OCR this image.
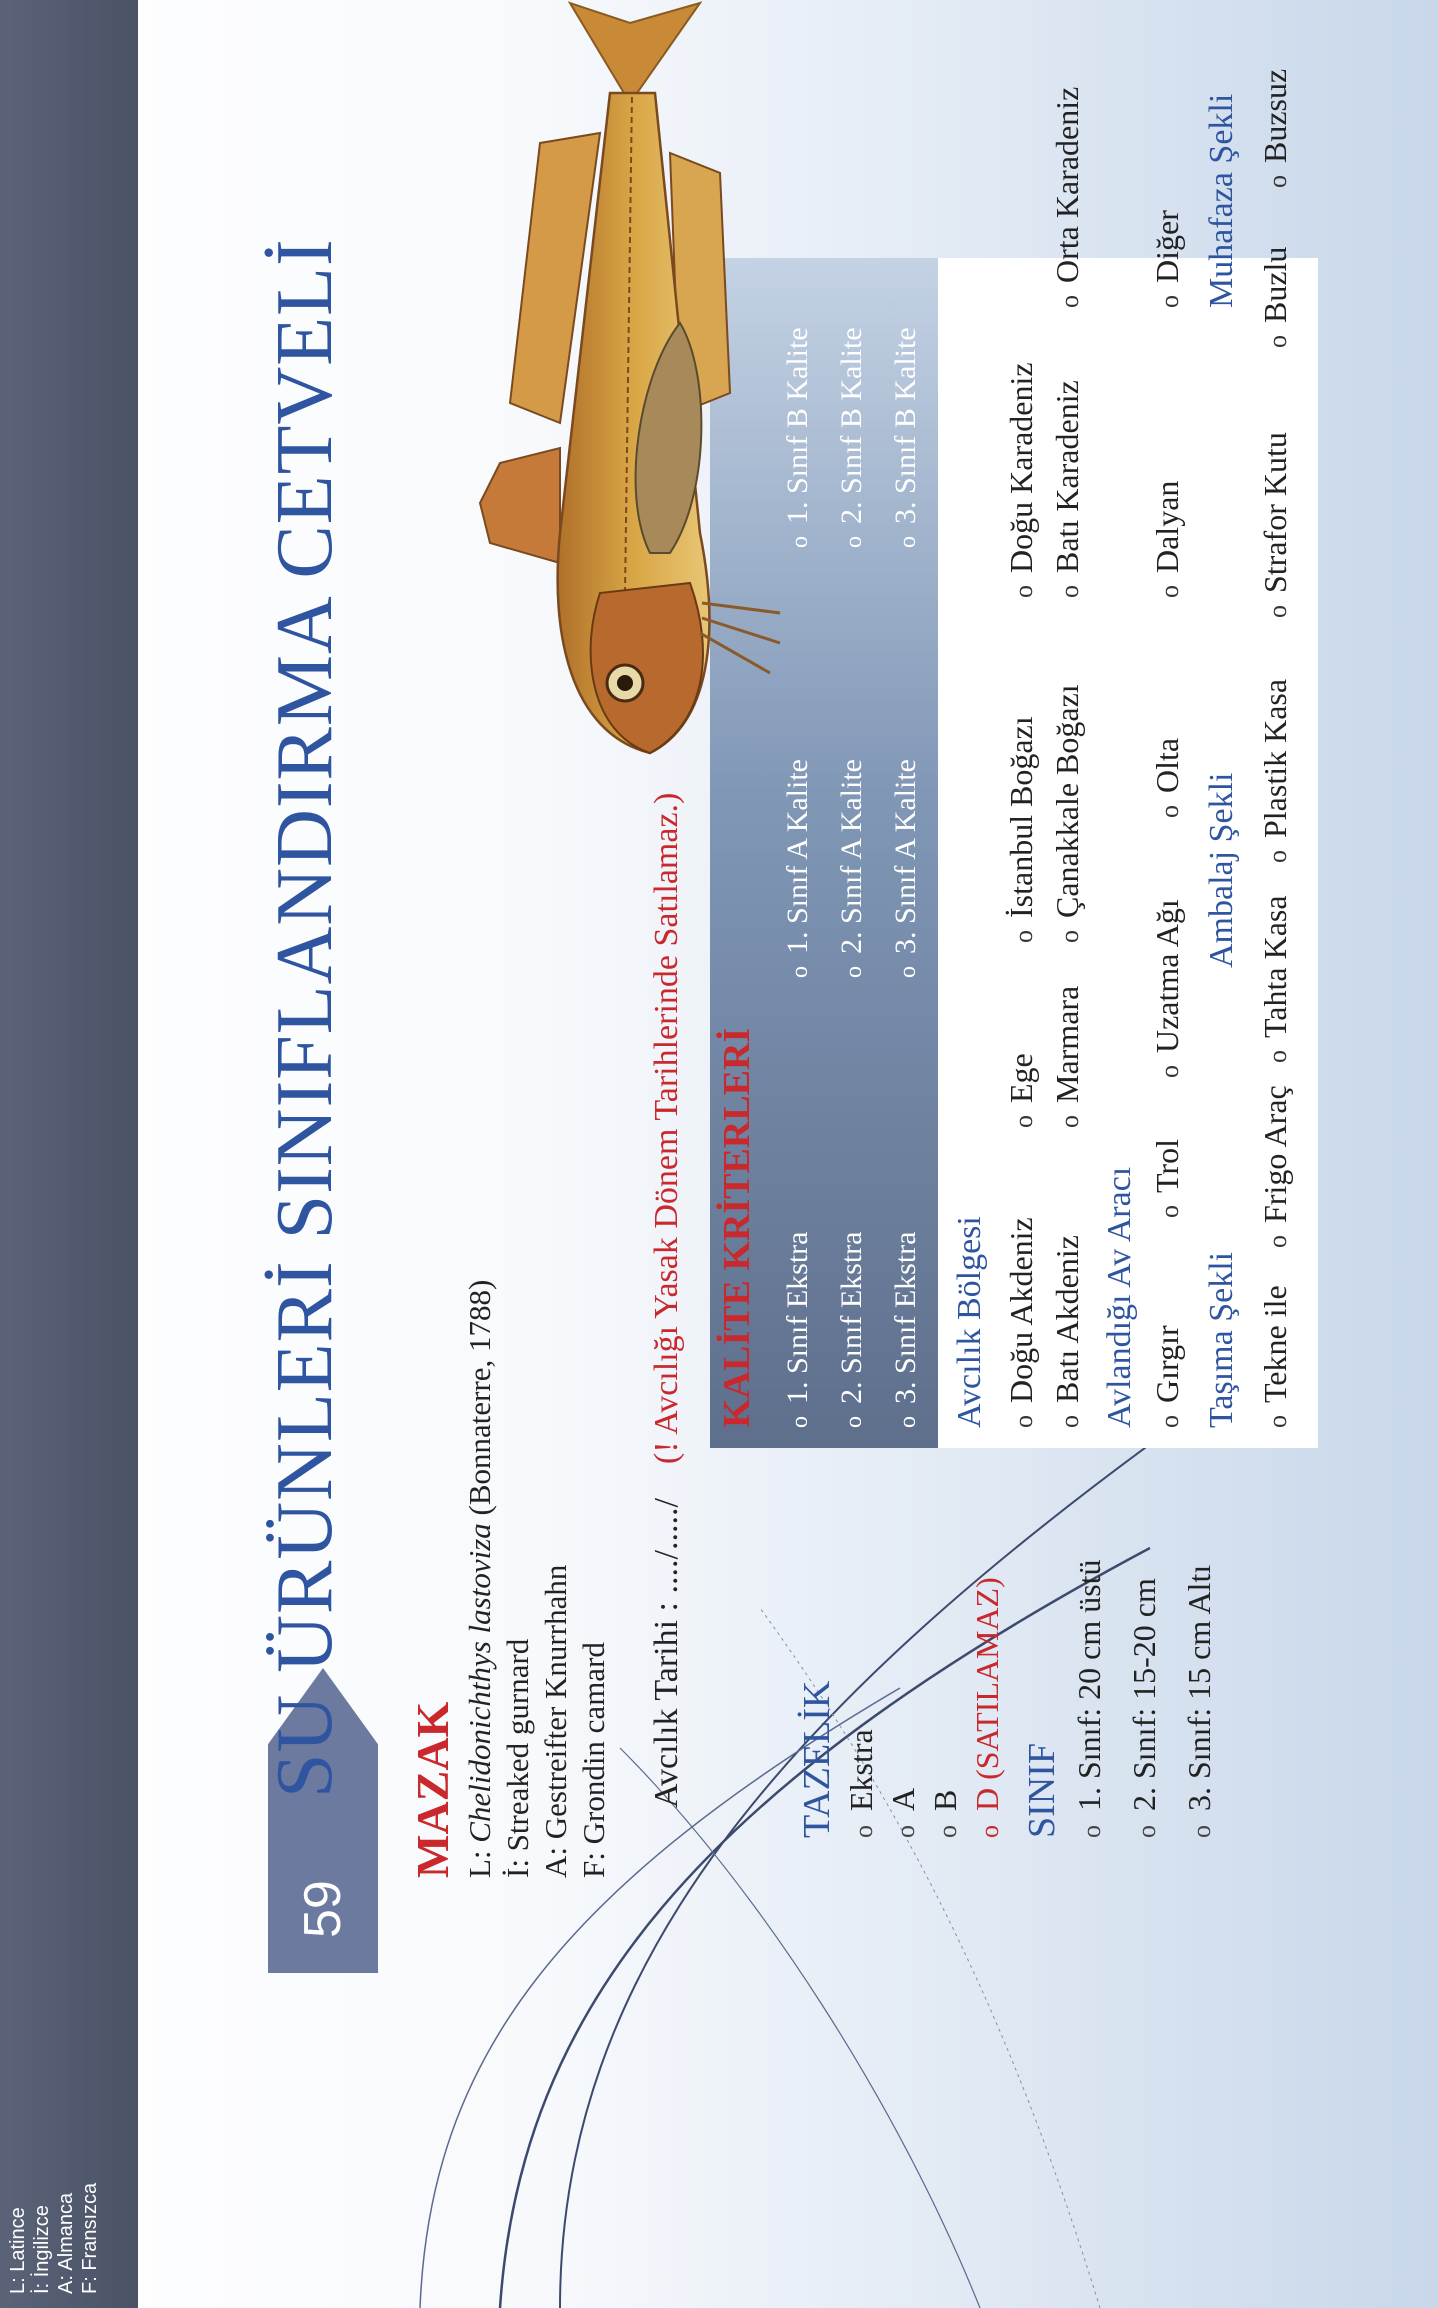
L: Latince İ: İngilizce A: Almanca F: Fransızca
59
SU ÜRÜNLERİ SINIFLANDIRMA CETVELİ MAZAK L: Chelidonichthys lastoviza (Bonnaterre, 1788)
İ: Streaked gurnard A: Gestreifter Knurrhahn F: Grondin camard Avcılık Tarihi : ..../...../    (! Avcılığı Yasak Dönem Tarihlerinde Satılamaz.)
TAZELİK oEkstra
oA
oB
oD (SATILAMAZ) SINIF o1. Sınıf: 20 cm üstü
o2. Sınıf: 15-20 cm
o3. Sınıf: 15 cm Altı
KALİTE KRİTERLERİ o1. Sınıf Ekstra
o2. Sınıf Ekstra
o3. Sınıf Ekstra
o1. Sınıf A Kalite
o2. Sınıf A Kalite
o3. Sınıf A Kalite
o1. Sınıf B Kalite
o2. Sınıf B Kalite
o3. Sınıf B Kalite
Avcılık Bölgesi oDoğu Akdeniz
oEge
oİstanbul Boğazı
oDoğu Karadeniz
oBatı Akdeniz
oMarmara
oÇanakkale Boğazı
oBatı Karadeniz
oOrta Karadeniz
Avlandığı Av Aracı oGırgır
oTrol
oUzatma Ağı
oOlta
oDalyan
oDiğer
Taşıma Şekli
Ambalaj Şekli
Muhafaza Şekli
oTekne ile
oFrigo Araç
oTahta Kasa
oPlastik Kasa
oStrafor Kutu
oBuzlu
oBuzsuz
